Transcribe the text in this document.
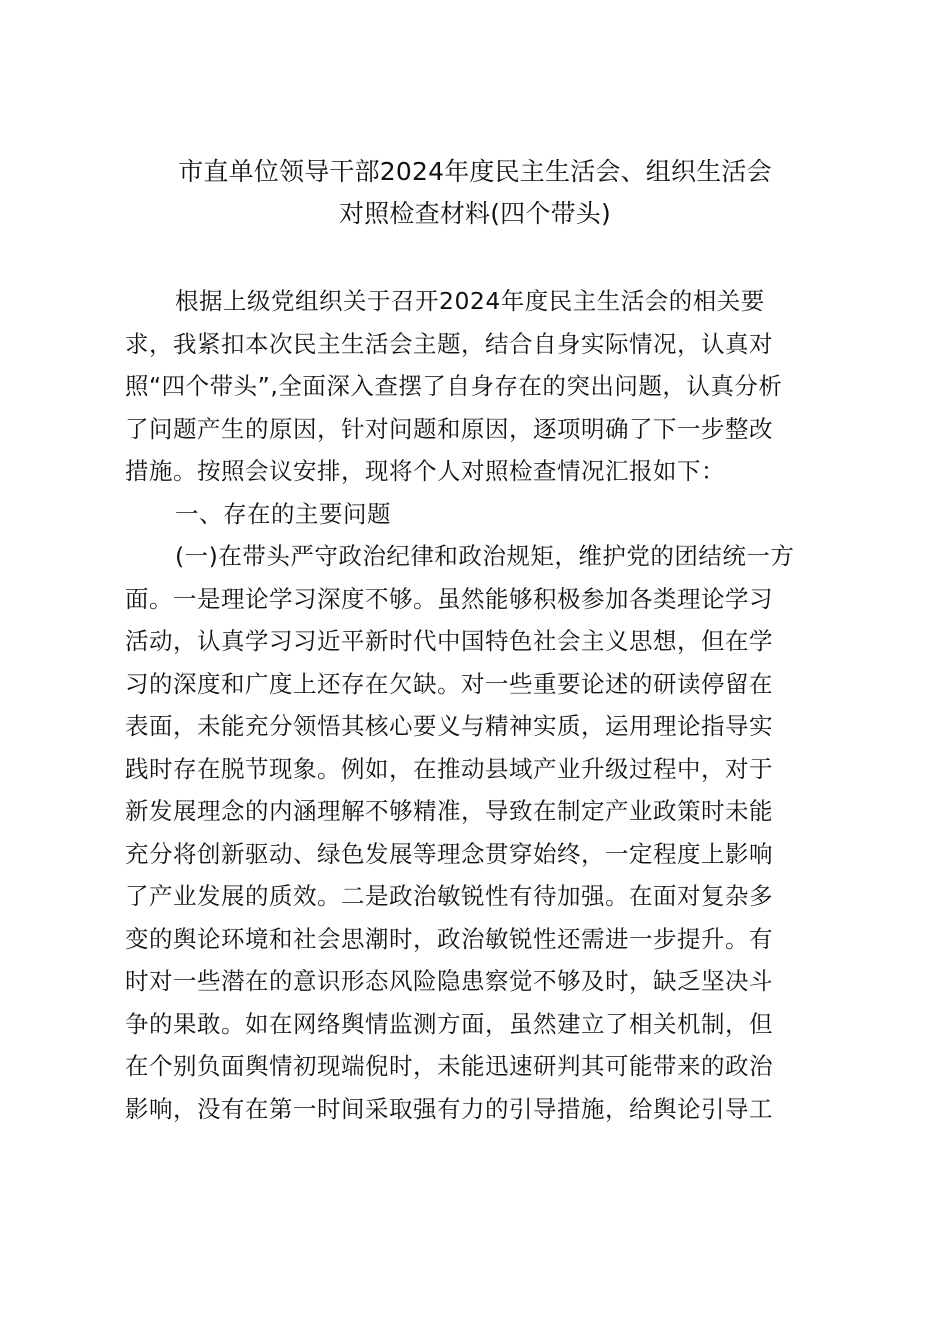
市直单位领导干部2024年度民主生活会、组织生活会
对照检查材料(四个带头)
根据上级党组织关于召开2024年度民主生活会的相关要
求，我紧扣本次民主生活会主题，结合自身实际情况，认真对
照“四个带头”,全面深入查摆了自身存在的突出问题，认真分析
了问题产生的原因，针对问题和原因，逐项明确了下一步整改
措施。按照会议安排，现将个人对照检查情况汇报如下：
一、存在的主要问题
(一)在带头严守政治纪律和政治规矩，维护党的团结统一方
面。一是理论学习深度不够。虽然能够积极参加各类理论学习
活动，认真学习习近平新时代中国特色社会主义思想，但在学
习的深度和广度上还存在欠缺。对一些重要论述的研读停留在
表面，未能充分领悟其核心要义与精神实质，运用理论指导实
践时存在脱节现象。例如，在推动县域产业升级过程中，对于
新发展理念的内涵理解不够精准，导致在制定产业政策时未能
充分将创新驱动、绿色发展等理念贯穿始终，一定程度上影响
了产业发展的质效。二是政治敏锐性有待加强。在面对复杂多
变的舆论环境和社会思潮时，政治敏锐性还需进一步提升。有
时对一些潜在的意识形态风险隐患察觉不够及时，缺乏坚决斗
争的果敢。如在网络舆情监测方面，虽然建立了相关机制，但
在个别负面舆情初现端倪时，未能迅速研判其可能带来的政治
影响，没有在第一时间采取强有力的引导措施，给舆论引导工
